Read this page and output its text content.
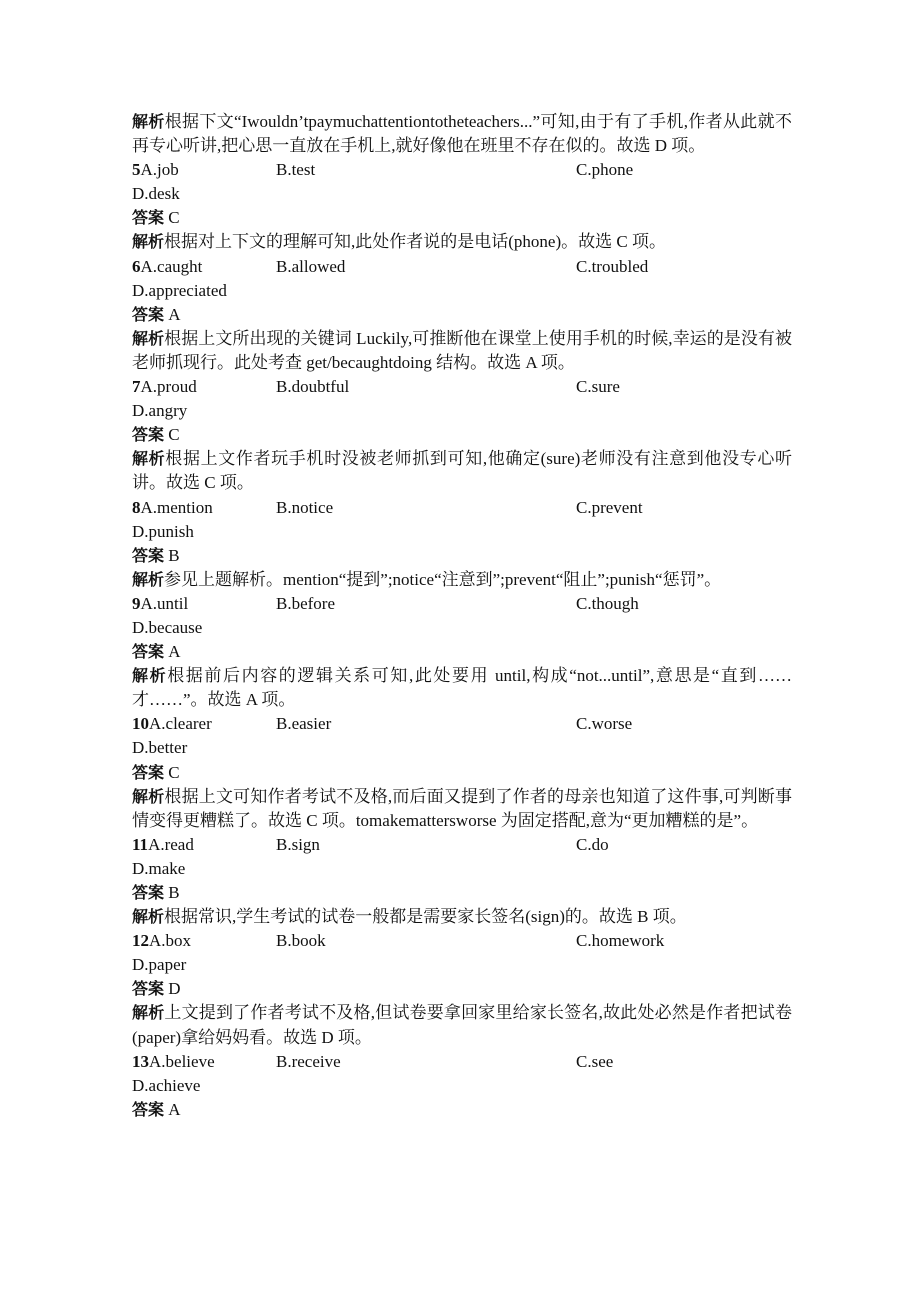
解析根据下文“Iwouldn’tpaymuchattentiontotheteachers...”可知,由于有了手机,作者从此就不再专心听讲,把心思一直放在手机上,就好像他在班里不存在似的。故选 D 项。

5A.job	B.test	C.phone
D.desk

答案 C

解析根据对上下文的理解可知,此处作者说的是电话(phone)。故选 C 项。

6A.caught	B.allowed	C.troubled
D.appreciated

答案 A

解析根据上文所出现的关键词 Luckily,可推断他在课堂上使用手机的时候,幸运的是没有被老师抓现行。此处考查 get/becaughtdoing 结构。故选 A 项。

7A.proud	B.doubtful	C.sure
D.angry

答案 C

解析根据上文作者玩手机时没被老师抓到可知,他确定(sure)老师没有注意到他没专心听讲。故选 C 项。

8A.mention	B.notice	C.prevent
D.punish

答案 B

解析参见上题解析。mention“提到”;notice“注意到”;prevent“阻止”;punish“惩罚”。

9A.until	B.before	C.though
D.because

答案 A

解析根据前后内容的逻辑关系可知,此处要用 until,构成“not...until”,意思是“直到……才……”。故选 A 项。

10A.clearer	B.easier	C.worse
D.better

答案 C

解析根据上文可知作者考试不及格,而后面又提到了作者的母亲也知道了这件事,可判断事情变得更糟糕了。故选 C 项。tomakemattersworse 为固定搭配,意为“更加糟糕的是”。

11A.read	B.sign	C.do
D.make

答案 B

解析根据常识,学生考试的试卷一般都是需要家长签名(sign)的。故选 B 项。

12A.box	B.book	C.homework
D.paper

答案 D

解析上文提到了作者考试不及格,但试卷要拿回家里给家长签名,故此处必然是作者把试卷(paper)拿给妈妈看。故选 D 项。

13A.believe	B.receive	C.see
D.achieve

答案 A
